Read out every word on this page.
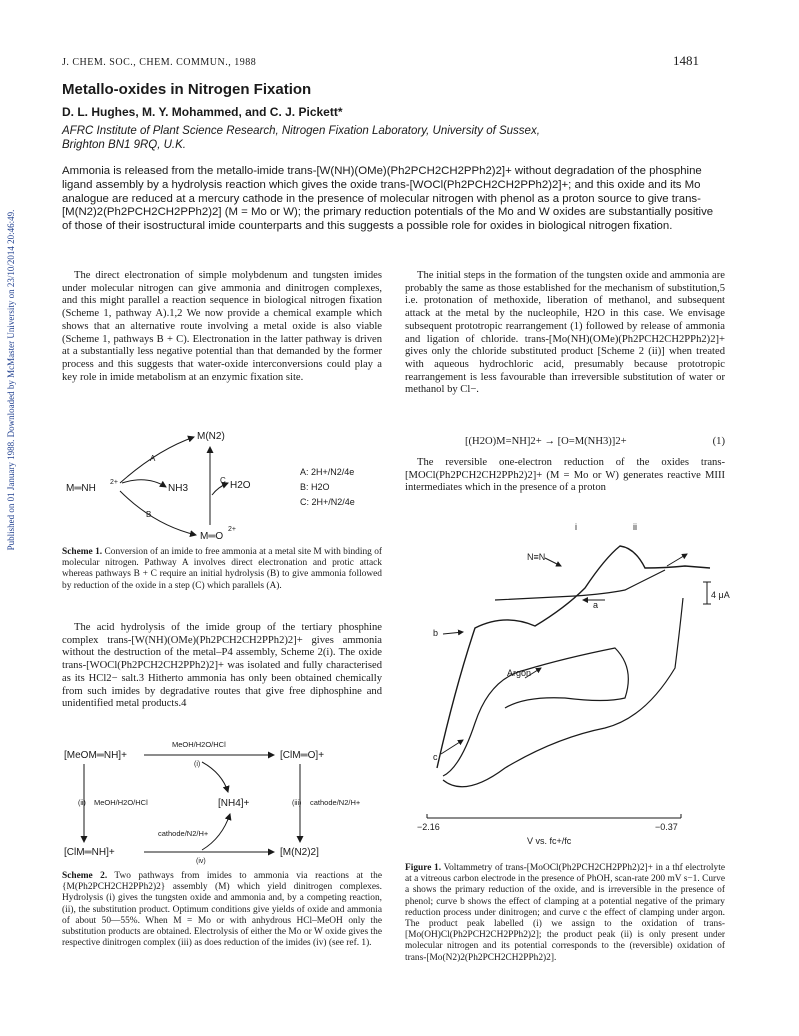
J. CHEM. SOC., CHEM. COMMUN., 1988	1481
Published on 01 January 1988. Downloaded by McMaster University on 23/10/2014 20:46:49.
Metallo-oxides in Nitrogen Fixation
D. L. Hughes, M. Y. Mohammed, and C. J. Pickett*
AFRC Institute of Plant Science Research, Nitrogen Fixation Laboratory, University of Sussex,
Brighton BN1 9RQ, U.K.
Ammonia is released from the metallo-imide trans-[W(NH)(OMe)(Ph2PCH2CH2PPh2)2]+ without degradation of the phosphine ligand assembly by a hydrolysis reaction which gives the oxide trans-[WOCl(Ph2PCH2CH2PPh2)2]+; and this oxide and its Mo analogue are reduced at a mercury cathode in the presence of molecular nitrogen with phenol as a proton source to give trans-[M(N2)2(Ph2PCH2CH2PPh2)2] (M = Mo or W); the primary reduction potentials of the Mo and W oxides are substantially positive of those of their isostructural imide counterparts and this suggests a possible role for oxides in biological nitrogen fixation.
The direct electronation of simple molybdenum and tungsten imides under molecular nitrogen can give ammonia and dinitrogen complexes, and this might parallel a reaction sequence in biological nitrogen fixation (Scheme 1, pathway A).1,2 We now provide a chemical example which shows that an alternative route involving a metal oxide is also viable (Scheme 1, pathways B + C). Electronation in the latter pathway is driven at a substantially less negative potential than that demanded by the former process and this suggests that water-oxide interconversions could play a key role in imide metabolism at an enzymic fixation site.
M(N2)
M═NH
2+
NH3	H2O
M═O
2+
A
B
C
A: 2H+/N2/4e
B: H2O
C: 2H+/N2/4e
Scheme 1. Conversion of an imide to free ammonia at a metal site M with binding of molecular nitrogen. Pathway A involves direct electronation and protic attack whereas pathways B + C require an initial hydrolysis (B) to give ammonia followed by reduction of the oxide in a step (C) which parallels (A).
The acid hydrolysis of the imide group of the tertiary phosphine complex trans-[W(NH)(OMe)(Ph2PCH2CH2PPh2)2]+ gives ammonia without the destruction of the metal–P4 assembly, Scheme 2(i). The oxide trans-[WOCl(Ph2PCH2CH2PPh2)2]+ was isolated and fully characterised as its HCl2− salt.3 Hitherto ammonia has only been obtained chemically from such imides by degradative routes that give free diphosphine and unidentified metal products.4
[MeOM═NH]+
MeOH/H2O/HCl
(i)
[ClM═O]+
(ii) MeOH/H2O/HCl	[NH4]+	(iii) cathode/N2/H+
cathode/N2/H+
[ClM═NH]+
(iv)
[M(N2)2]
Scheme 2. Two pathways from imides to ammonia via reactions at the {M(Ph2PCH2CH2PPh2)2} assembly (M) which yield dinitrogen complexes. Hydrolysis (i) gives the tungsten oxide and ammonia and, by a competing reaction, (ii), the substitution product. Optimum conditions give yields of oxide and ammonia of about 50—55%. When M = Mo or with anhydrous HCl–MeOH only the substitution products are obtained. Electrolysis of either the Mo or W oxide gives the respective dinitrogen complex (iii) as does reduction of the imides (iv) (see ref. 1).
The initial steps in the formation of the tungsten oxide and ammonia are probably the same as those established for the mechanism of substitution,5 i.e. protonation of methoxide, liberation of methanol, and subsequent attack at the metal by the nucleophile, H2O in this case. We envisage subsequent prototropic rearrangement (1) followed by release of ammonia and ligation of chloride. trans-[Mo(NH)(OMe)(Ph2PCH2CH2PPh2)2]+ gives only the chloride substituted product [Scheme 2 (ii)] when treated with aqueous hydrochloric acid, presumably because prototropic rearrangement is less favourable than irreversible substitution of water or methanol by Cl−.
[(H2O)M=NH]2+ → [O=M(NH3)]2+	(1)
The reversible one-electron reduction of the oxides trans-[MOCl(Ph2PCH2CH2PPh2)2]+ (M = Mo or W) generates reactive MIII intermediates which in the presence of a proton
i	ii
N≡N
a
b
c
Argon
4 μA
−2.16	−0.37
V vs. fc+/fc
Figure 1. Voltammetry of trans-[MoOCl(Ph2PCH2CH2PPh2)2]+ in a thf electrolyte at a vitreous carbon electrode in the presence of PhOH, scan-rate 200 mV s−1. Curve a shows the primary reduction of the oxide, and is irreversible in the presence of phenol; curve b shows the effect of clamping at a potential negative of the primary reduction process under dinitrogen; and curve c the effect of clamping under argon. The product peak labelled (i) we assign to the oxidation of trans-[Mo(OH)Cl(Ph2PCH2CH2PPh2)2]; the product peak (ii) is only present under molecular nitrogen and its potential corresponds to the (reversible) oxidation of trans-[Mo(N2)2(Ph2PCH2CH2PPh2)2].
